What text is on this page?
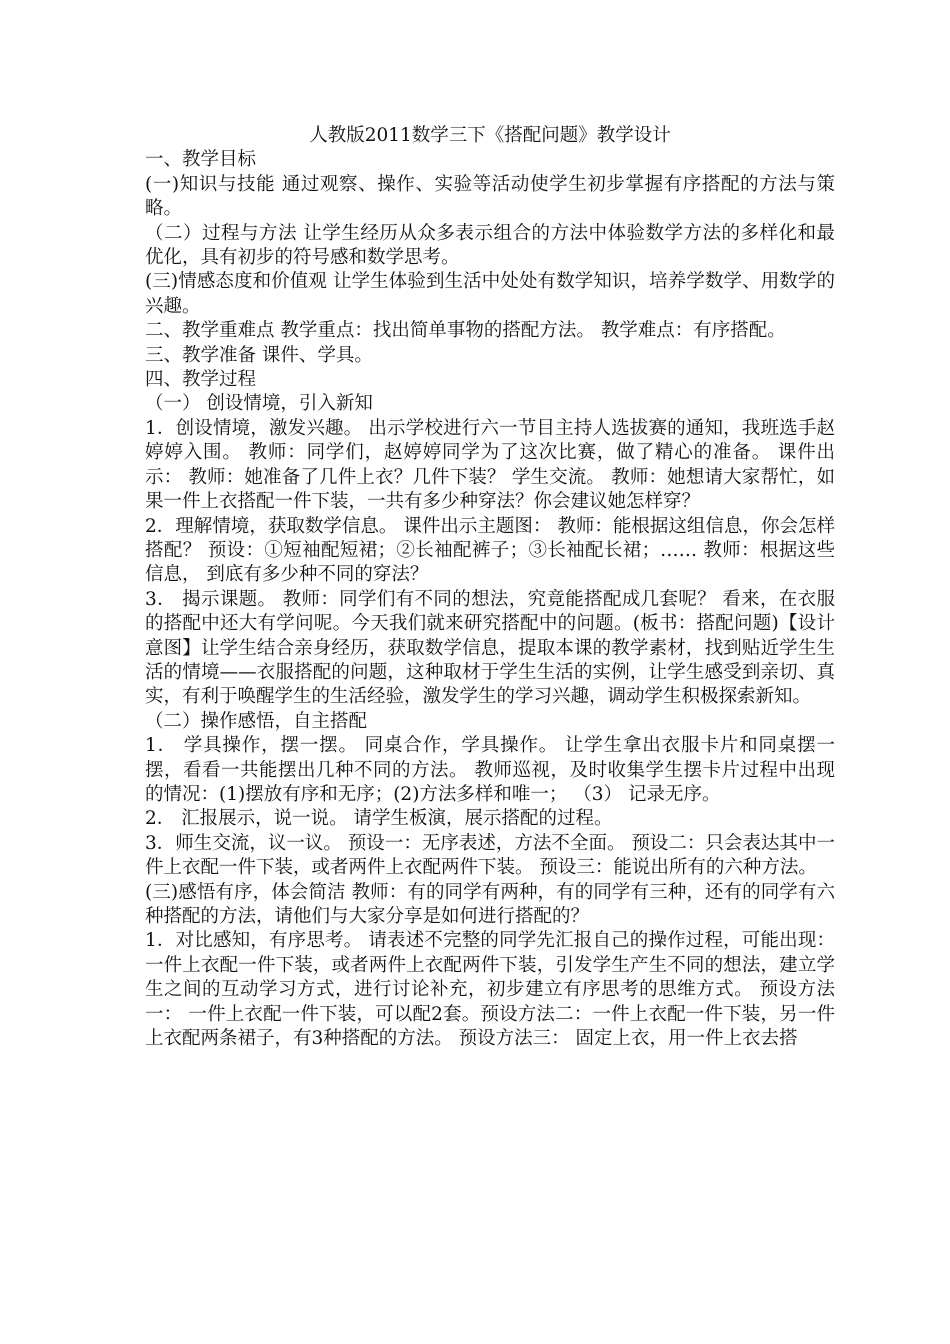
人教版2011数学三下《搭配问题》教学设计

一、教学目标

(一)知识与技能 通过观察、操作、实验等活动使学生初步掌握有序搭配的方法与策略。

（二）过程与方法 让学生经历从众多表示组合的方法中体验数学方法的多样化和最优化，具有初步的符号感和数学思考。

(三)情感态度和价值观 让学生体验到生活中处处有数学知识，培养学数学、用数学的兴趣。

二、教学重难点 教学重点：找出简单事物的搭配方法。 教学难点：有序搭配。

三、教学准备 课件、学具。

四、教学过程

（一） 创设情境，引入新知

1．创设情境，激发兴趣。 出示学校进行六一节目主持人选拔赛的通知，我班选手赵婷婷入围。 教师：同学们，赵婷婷同学为了这次比赛，做了精心的准备。 课件出示： 教师：她准备了几件上衣？几件下装？ 学生交流。 教师：她想请大家帮忙，如果一件上衣搭配一件下装，一共有多少种穿法？你会建议她怎样穿？

2．理解情境，获取数学信息。 课件出示主题图： 教师：能根据这组信息，你会怎样搭配？ 预设：①短袖配短裙；②长袖配裤子；③长袖配长裙；…… 教师：根据这些信息， 到底有多少种不同的穿法？

3． 揭示课题。 教师：同学们有不同的想法，究竟能搭配成几套呢？ 看来，在衣服的搭配中还大有学问呢。今天我们就来研究搭配中的问题。(板书：搭配问题)【设计意图】让学生结合亲身经历，获取数学信息，提取本课的教学素材，找到贴近学生生活的情境——衣服搭配的问题，这种取材于学生生活的实例，让学生感受到亲切、真实，有利于唤醒学生的生活经验，激发学生的学习兴趣，调动学生积极探索新知。

（二）操作感悟，自主搭配

1． 学具操作，摆一摆。 同桌合作，学具操作。 让学生拿出衣服卡片和同桌摆一摆，看看一共能摆出几种不同的方法。 教师巡视，及时收集学生摆卡片过程中出现的情况：(1)摆放有序和无序；(2)方法多样和唯一； （3） 记录无序。

2． 汇报展示，说一说。 请学生板演，展示搭配的过程。

3．师生交流，议一议。 预设一：无序表述，方法不全面。 预设二：只会表达其中一件上衣配一件下装，或者两件上衣配两件下装。 预设三：能说出所有的六种方法。

(三)感悟有序，体会简洁 教师：有的同学有两种，有的同学有三种，还有的同学有六种搭配的方法，请他们与大家分享是如何进行搭配的？

1．对比感知，有序思考。 请表述不完整的同学先汇报自己的操作过程，可能出现：一件上衣配一件下装，或者两件上衣配两件下装，引发学生产生不同的想法，建立学生之间的互动学习方式，进行讨论补充，初步建立有序思考的思维方式。 预设方法一： 一件上衣配一件下装，可以配2套。预设方法二：一件上衣配一件下装，另一件上衣配两条裙子，有3种搭配的方法。 预设方法三： 固定上衣，用一件上衣去搭
